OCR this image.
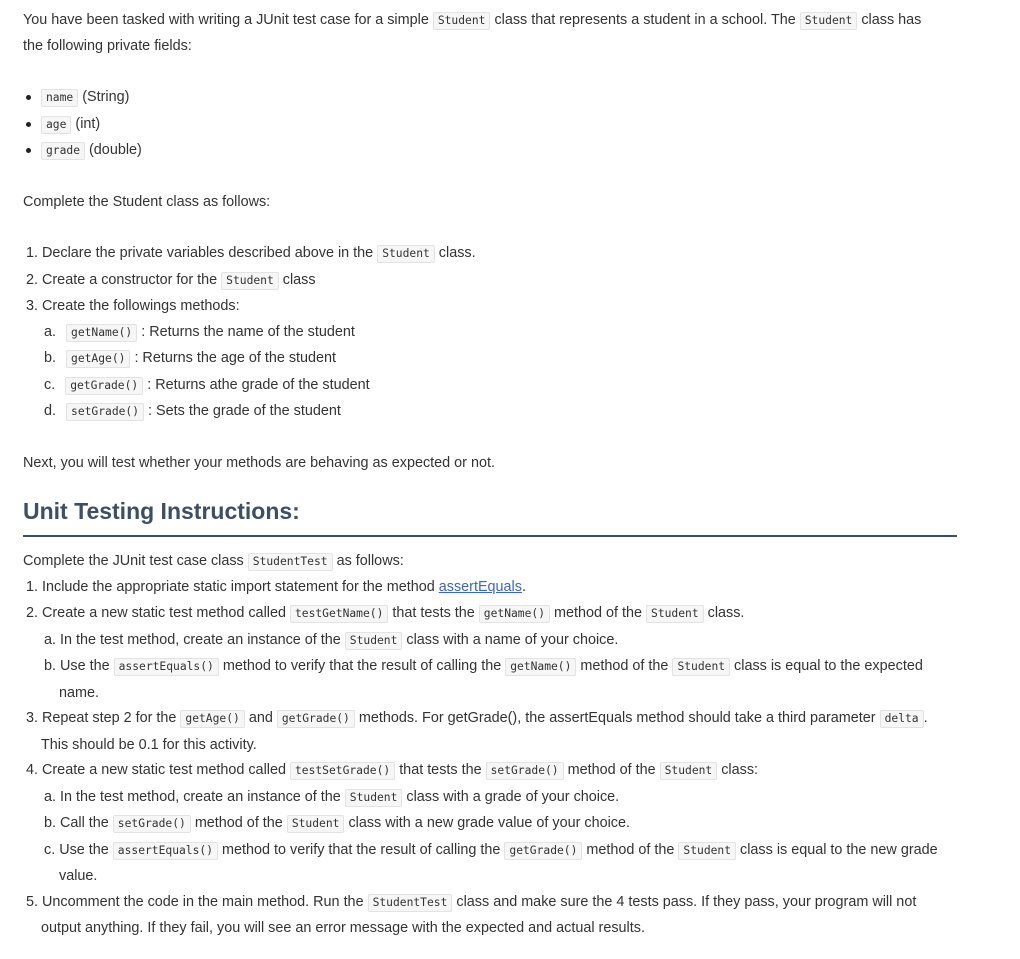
You have been tasked with writing a JUnit test case for a simple Student class that represents a student in a school. The Student class has
the following private fields:
name (String)
age (int)
grade (double)
Complete the Student class as follows:
1. Declare the private variables described above in the Student class.
2. Create a constructor for the Student class
3. Create the followings methods:
a. getName() : Returns the name of the student
b. getAge() : Returns the age of the student
c. getGrade() : Returns athe grade of the student
d. setGrade() : Sets the grade of the student
Next, you will test whether your methods are behaving as expected or not.
Unit Testing Instructions:
Complete the JUnit test case class StudentTest as follows:
1. Include the appropriate static import statement for the method assertEquals.
2. Create a new static test method called testGetName() that tests the getName() method of the Student class.
a. In the test method, create an instance of the Student class with a name of your choice.
b. Use the assertEquals() method to verify that the result of calling the getName() method of the Student class is equal to the expected
name.
3. Repeat step 2 for the getAge() and getGrade() methods. For getGrade(), the assertEquals method should take a third parameter delta .
This should be 0.1 for this activity.
4. Create a new static test method called testSetGrade() that tests the setGrade() method of the Student class:
a. In the test method, create an instance of the Student class with a grade of your choice.
b. Call the setGrade() method of the Student class with a new grade value of your choice.
c. Use the assertEquals() method to verify that the result of calling the getGrade() method of the Student class is equal to the new grade
value.
5. Uncomment the code in the main method. Run the StudentTest class and make sure the 4 tests pass. If they pass, your program will not
output anything. If they fail, you will see an error message with the expected and actual results.
